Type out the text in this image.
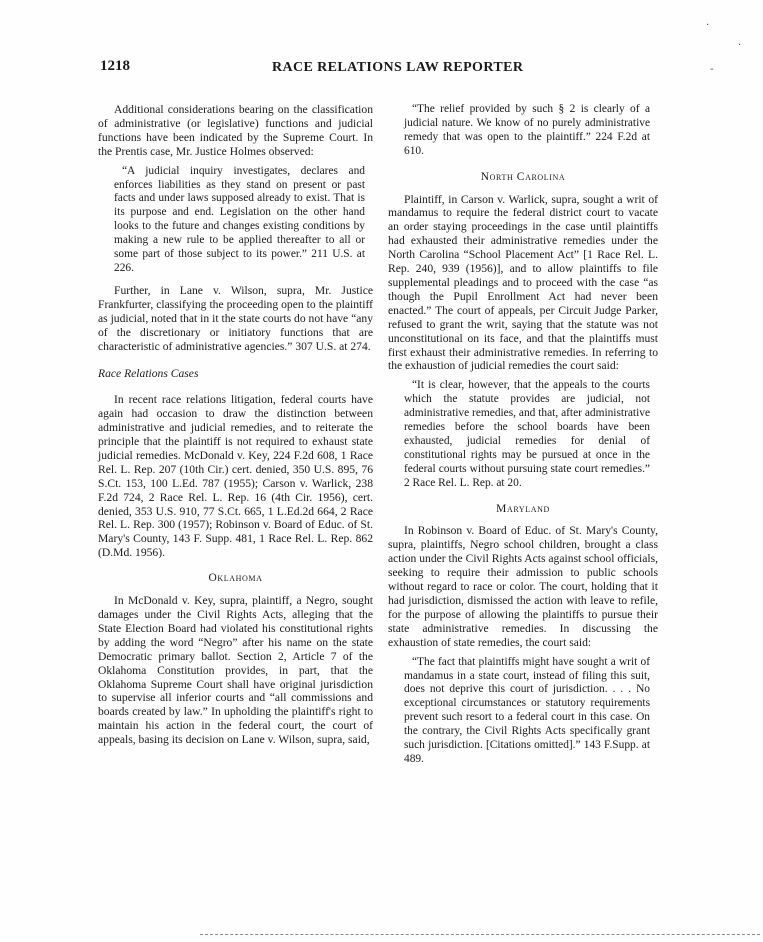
1218	RACE RELATIONS LAW REPORTER

Additional considerations bearing on the classification of administrative (or legislative) functions and judicial functions have been indicated by the Supreme Court. In the Prentis case, Mr. Justice Holmes observed:

“A judicial inquiry investigates, declares and enforces liabilities as they stand on present or past facts and under laws supposed already to exist. That is its purpose and end. Legislation on the other hand looks to the future and changes existing conditions by making a new rule to be applied thereafter to all or some part of those subject to its power.” 211 U.S. at 226.

Further, in Lane v. Wilson, supra, Mr. Justice Frankfurter, classifying the proceeding open to the plaintiff as judicial, noted that in it the state courts do not have “any of the discretionary or initiatory functions that are characteristic of administrative agencies.” 307 U.S. at 274.

Race Relations Cases

In recent race relations litigation, federal courts have again had occasion to draw the distinction between administrative and judicial remedies, and to reiterate the principle that the plaintiff is not required to exhaust state judicial remedies. McDonald v. Key, 224 F.2d 608, 1 Race Rel. L. Rep. 207 (10th Cir.) cert. denied, 350 U.S. 895, 76 S.Ct. 153, 100 L.Ed. 787 (1955); Carson v. Warlick, 238 F.2d 724, 2 Race Rel. L. Rep. 16 (4th Cir. 1956), cert. denied, 353 U.S. 910, 77 S.Ct. 665, 1 L.Ed.2d 664, 2 Race Rel. L. Rep. 300 (1957); Robinson v. Board of Educ. of St. Mary's County, 143 F. Supp. 481, 1 Race Rel. L. Rep. 862 (D.Md. 1956).

Oklahoma

In McDonald v. Key, supra, plaintiff, a Negro, sought damages under the Civil Rights Acts, alleging that the State Election Board had violated his constitutional rights by adding the word “Negro” after his name on the state Democratic primary ballot. Section 2, Article 7 of the Oklahoma Constitution provides, in part, that the Oklahoma Supreme Court shall have original jurisdiction to supervise all inferior courts and “all commissions and boards created by law.” In upholding the plaintiff's right to maintain his action in the federal court, the court of appeals, basing its decision on Lane v. Wilson, supra, said,

“The relief provided by such § 2 is clearly of a judicial nature. We know of no purely administrative remedy that was open to the plaintiff.” 224 F.2d at 610.

North Carolina

Plaintiff, in Carson v. Warlick, supra, sought a writ of mandamus to require the federal district court to vacate an order staying proceedings in the case until plaintiffs had exhausted their administrative remedies under the North Carolina “School Placement Act” [1 Race Rel. L. Rep. 240, 939 (1956)], and to allow plaintiffs to file supplemental pleadings and to proceed with the case “as though the Pupil Enrollment Act had never been enacted.” The court of appeals, per Circuit Judge Parker, refused to grant the writ, saying that the statute was not unconstitutional on its face, and that the plaintiffs must first exhaust their administrative remedies. In referring to the exhaustion of judicial remedies the court said:

“It is clear, however, that the appeals to the courts which the statute provides are judicial, not administrative remedies, and that, after administrative remedies before the school boards have been exhausted, judicial remedies for denial of constitutional rights may be pursued at once in the federal courts without pursuing state court remedies.” 2 Race Rel. L. Rep. at 20.

Maryland

In Robinson v. Board of Educ. of St. Mary's County, supra, plaintiffs, Negro school children, brought a class action under the Civil Rights Acts against school officials, seeking to require their admission to public schools without regard to race or color. The court, holding that it had jurisdiction, dismissed the action with leave to refile, for the purpose of allowing the plaintiffs to pursue their state administrative remedies. In discussing the exhaustion of state remedies, the court said:

“The fact that plaintiffs might have sought a writ of mandamus in a state court, instead of filing this suit, does not deprive this court of jurisdiction. . . . No exceptional circumstances or statutory requirements prevent such resort to a federal court in this case. On the contrary, the Civil Rights Acts specifically grant such jurisdiction. [Citations omitted].” 143 F.Supp. at 489.

·
·
-
